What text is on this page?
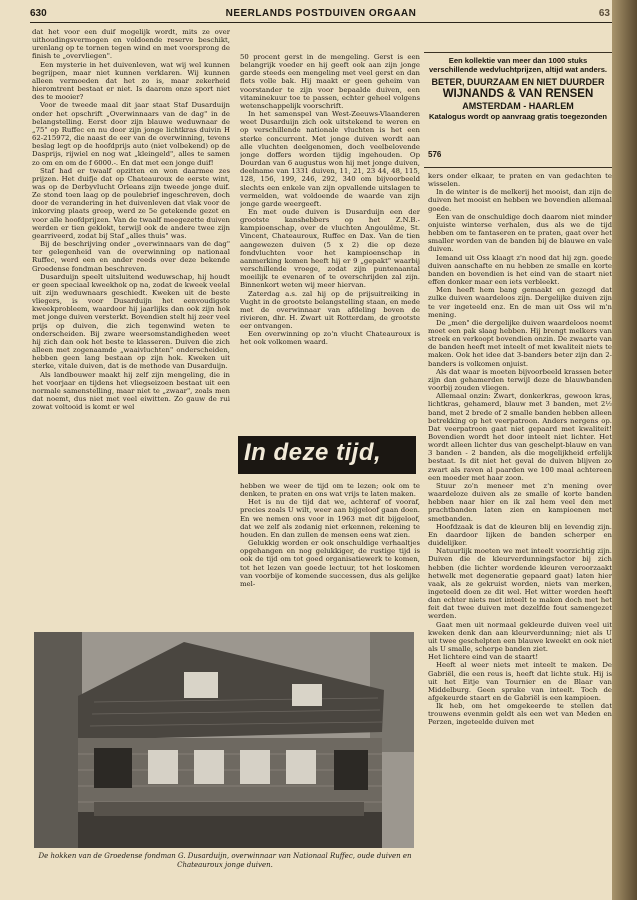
630	NEERLANDS POSTDUIVEN ORGAAN	63

dat het voor een duif mogelijk wordt, mits ze over uithoudingsvermogen en voldoende reserve beschikt, urenlang op te tornen tegen wind en met voorsprong de finish te „overvliegen".

Een mysterie in het duivenleven, wat wij wel kunnen begrijpen, maar niet kunnen verklaren. Wij kunnen alleen vermoeden dat het zo is, maar zekerheid hieromtrent bestaat er niet. Is daarom onze sport niet des te mooier?

Voor de tweede maal dit jaar staat Staf Dusarduijn onder het opschrift „Overwinnaars van de dag" in de belangstelling. Eerst door zijn blauwe weduwnaar de „75" op Ruffec en nu door zijn jonge lichtkras duivin H 62-215972, die naast de eer van de overwinning, tevens beslag legt op de hoofdprijs auto (niet volbekend) op de Dasprijs, rijwiel en nog wat „kleingeld", alles te samen zo om en om de f 6000.-. En dat met een jonge duif!

Staf had er twaalf opzitten en won daarmee zes prijzen. Het duifje dat op Chateauroux de eerste wint, was op de Derbyvlucht Orleans zijn tweede jonge duif. Ze stond toen laag op de poulebrief ingeschreven, doch door de verandering in het duivenleven dat vlak voor de inkorving plaats greep, werd ze 5e getekende gezet en voor alle hoofdprijzen. Van de twaalf meegezette duiven werden er tien geklokt, terwijl ook de andere twee zijn gearriveerd, zodat bij Staf „alles thuis" was.

Bij de beschrijving onder „overwinnaars van de dag" ter gelegenheid van de overwinning op nationaal Ruffec, werd een en ander reeds over deze bekende Groedense fondman beschreven.

Dusarduijn speelt uitsluitend weduwschap, hij houdt er geen speciaal kweekhok op na, zodat de kweek veelal uit zijn weduwnaars geschiedt. Kweken uit de beste vliegers, is voor Dusarduijn het eenvoudigste kweekprobleem, waardoor hij jaarlijks dan ook zijn hok met jonge duiven versterkt. Bovendien stelt hij zeer veel prijs op duiven, die zich tegenwind weten te onderscheiden. Bij zware weersomstandigheden weet hij zich dan ook het beste te klasseren. Duiven die zich alleen met zogenaamde „waaivluchten" onderscheiden, hebben geen lang bestaan op zijn hok. Kweken uit sterke, vitale duiven, dat is de methode van Dusarduijn.

Als landbouwer maakt hij zelf zijn mengeling, die in het voorjaar en tijdens het vliegseizoen bestaat uit een normale samenstelling, maar niet te „zwaar", zoals men dat noemt, dus niet met veel eiwitten. Zo gauw de rui zowat voltooid is komt er wel

50 procent gerst in de mengeling. Gerst is een belangrijk voeder en hij geeft ook aan zijn jonge garde steeds een mengeling met veel gerst en dan flets volle bak. Hij maakt er geen geheim van voorstander te zijn voor bepaalde duiven, een vitaminekuur toe te passen, echter geheel volgens wetenschappelijk voorschrift.

In het samenspel van West-Zeeuws-Vlaanderen weet Dusarduijn zich ook uitstekend te weren en op verschillende nationale vluchten is het een sterke concurrent. Met jonge duiven wordt aan alle vluchten deelgenomen, doch veelbelovende jonge doffers worden tijdig ingehouden. Op Dourdan van 6 augustus won hij met jonge duiven, deelname van 1331 duiven, 11, 21, 23 44, 48, 115, 128, 156, 199, 246, 292, 340 om bijvoorbeeld slechts een enkele van zijn opvallende uitslagen te vermelden, wat voldoende de waarde van zijn jonge garde weergeeft.

En met oude duiven is Dusarduijn een der grootste kanshebbers op het Z.N.B.-kampioenschap, over de vluchten Angoulême, St. Vincent, Chateauroux, Ruffec en Dax. Van de tien aangewezen duiven (5 x 2) die op deze fondvluchten voor het kampioenschap in aanmerking komen heeft hij er 9 „gepakt" waarbij verschillende vroege, zodat zijn puntenaantal moeilijk te evenaren of te overschrijden zal zijn. Binnenkort weten wij meer hiervan.

Zaterdag a.s. zal hij op de prijsuitreiking in Vught in de grootste belangstelling staan, en mede met de overwinnaar van afdeling boven de rivieren, dhr. H. Zwart uit Rotterdam, de grootste eer ontvangen.

Een overwinning op zo'n vlucht Chateauroux is het ook volkomen waard.

In deze tijd,

hebben we weer de tijd om te lezen; ook om te denken, te praten en ons wat vrijs te laten maken.

Het is nu de tijd dat we, achteraf of vooraf, precies zoals U wilt, weer aan bijgeloof gaan doen. En we nemen ons voor in 1963 met dit bijgeloof, dat we zelf als zodanig niet erkennen, rekening te houden. En dan zullen de mensen eens wat zien.

Gelukkig worden er ook onschuldige verhaaltjes opgehangen en nog gelukkiger, de rustige tijd is ook de tijd om tot goed organisatiewerk te komen, tot het lezen van goede lectuur, tot het loskomen van voorbije of komende successen, dus als gelijke mel-

Een kollektie van meer dan 1000 stuks verschillende wedvluchtprijzen, altijd wat anders.
BETER, DUURZAAM EN NIET DUURDER
WIJNANDS & VAN RENSEN
AMSTERDAM - HAARLEM
Katalogus wordt op aanvraag gratis toegezonden
576

kers onder elkaar, te praten en van gedachten te wisselen.

In de winter is de melkerij het mooist, dan zijn de duiven het mooist en hebben we bovendien allemaal goede.

Een van de onschuldige doch daarom niet minder onjuiste winterse verhalen, dus als we de tijd hebben om te fantaseren en te praten, gaat over het smaller worden van de banden bij de blauwe en vale duiven.

Iemand uit Oss klaagt z'n nood dat hij zgn. goede duiven aanschafte en nu hebben ze smalle en korte banden en bovendien is het eind van de staart niet effen donker maar een iets verbleekt.

Men heeft hem bang gemaakt en gezegd dat zulke duiven waardeloos zijn. Dergelijke duiven zijn te ver ingeteeld enz. En de man uit Oss wil m'n mening.

De „men" die dergelijke duiven waardeloos noemt moet een pak slaag hebben. Hij brengt melkers van streek en verkoopt bovendien onzin. De zwaarte van de banden heeft met inteelt of met kwaliteit niets te maken. Ook het idee dat 3-banders beter zijn dan 2-banders is volkomen onjuist.

Als dat waar is moeten bijvoorbeeld krassen beter zijn dan gehamerden terwijl deze de blauwbanden voorbij zouden vliegen.

Allemaal onzin: Zwart, donkerkras, gewoon kras, lichtkras, gehamerd, blauw met 3 banden, met 2½ band, met 2 brede of 2 smalle banden hebben alleen betrekking op het veerpatroon. Anders nergens op. Dat veerpatroon gaat niet gepaard met kwaliteit! Bovendien wordt het door inteelt niet lichter. Het wordt alleen lichter dus van geschelpt-blauw en van 3 banden - 2 banden, als die mogelijkheid erfelijk bestaat. Is dit niet het geval de duiven blijven zo zwart als raven al paarden we 100 maal achtereen een moeder met haar zoon.

Stuur zo'n meneer met z'n mening over waardeloze duiven als ze smalle of korte banden hebben naar hier en ik zal hem veel den met prachtbanden laten zien en kampioenen met smetbanden.

Hoofdzaak is dat de kleuren blij en levendig zijn. En daardoor lijken de banden scherper en duidelijker.

Natuurlijk moeten we met inteelt voorzichtig zijn. Duiven die de kleurverdunningsfactor bij zich hebben (die lichter wordende kleuren veroorzaakt hetwelk met degeneratie gepaard gaat) laten hier vaak, als ze gekruist worden, niets van merken, ingeteeld doen ze dit wel. Het witter worden heeft dan echter niets met inteelt te maken doch met het feit dat twee duiven met dezelfde fout samengezet werden.

Gaat men uit normaal gekleurde duiven veel uit kweken denk dan aan kleurverdunning; niet als U uit twee geschelpten een blauwe kweekt en ook niet als U smalle, scherpe banden ziet.

Het lichtere eind van de staart!

Heeft al weer niets met inteelt te maken. De Gabriël, die een reus is, heeft dat lichte stuk. Hij is uit het Eitje van Tournier en de Blaar van Middelburg. Geen sprake van inteelt. Toch de afgekeurde staart en de Gabriël is een kampioen.

Ik heb, om het omgekeerde te stellen dat trouwens evenmin geldt als een wet van Meden en Perzen, ingeteelde duiven met

De hokken van de Groedense fondman G. Dusarduijn, overwinnaar van Nationaal Ruffec, oude duiven en Chateauroux jonge duiven.
